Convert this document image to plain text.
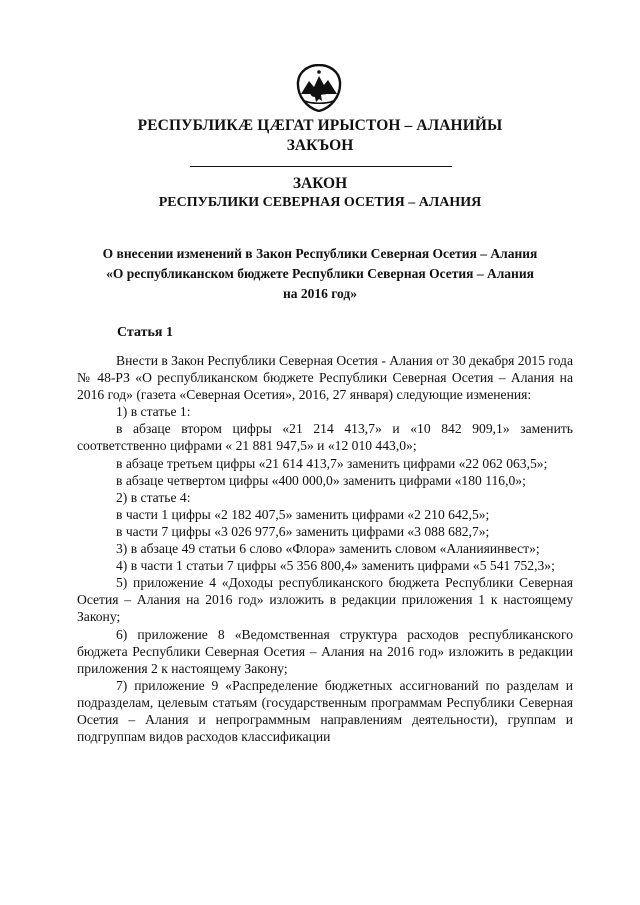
РЕСПУБЛИКӔ ЦӔГАТ ИРЫСТОН – АЛАНИЙЫ
ЗАКЪОН
ЗАКОН
РЕСПУБЛИКИ СЕВЕРНАЯ ОСЕТИЯ – АЛАНИЯ
О внесении изменений в Закон Республики Северная Осетия – Алания
«О республиканском бюджете Республики Северная Осетия – Алания
на 2016 год»
Статья 1
Внести в Закон Республики Северная Осетия - Алания от 30 декабря 2015 года № 48-РЗ «О республиканском бюджете Республики Северная Осетия – Алания на 2016 год» (газета «Северная Осетия», 2016, 27 января) следующие изменения:
1) в статье 1:
в абзаце втором цифры «21 214 413,7» и «10 842 909,1» заменить соответственно цифрами « 21 881 947,5» и «12 010 443,0»;
в абзаце третьем цифры «21 614 413,7» заменить цифрами «22 062 063,5»;
в абзаце четвертом цифры «400 000,0» заменить цифрами «180 116,0»;
2) в статье 4:
в части 1 цифры «2 182 407,5» заменить цифрами «2 210 642,5»;
в части 7 цифры «3 026 977,6» заменить цифрами «3 088 682,7»;
3) в абзаце 49 статьи 6 слово «Флора» заменить словом «Аланияинвест»;
4) в части 1 статьи 7 цифры «5 356 800,4» заменить цифрами «5 541 752,3»;
5) приложение 4 «Доходы республиканского бюджета Республики Северная Осетия – Алания на 2016 год» изложить в редакции приложения 1 к настоящему Закону;
6) приложение 8 «Ведомственная структура расходов республиканского бюджета Республики Северная Осетия – Алания на 2016 год» изложить в редакции приложения 2 к настоящему Закону;
7) приложение 9 «Распределение бюджетных ассигнований по разделам и подразделам, целевым статьям (государственным программам Республики Северная Осетия – Алания и непрограммным направлениям деятельности), группам и подгруппам видов расходов классификации
